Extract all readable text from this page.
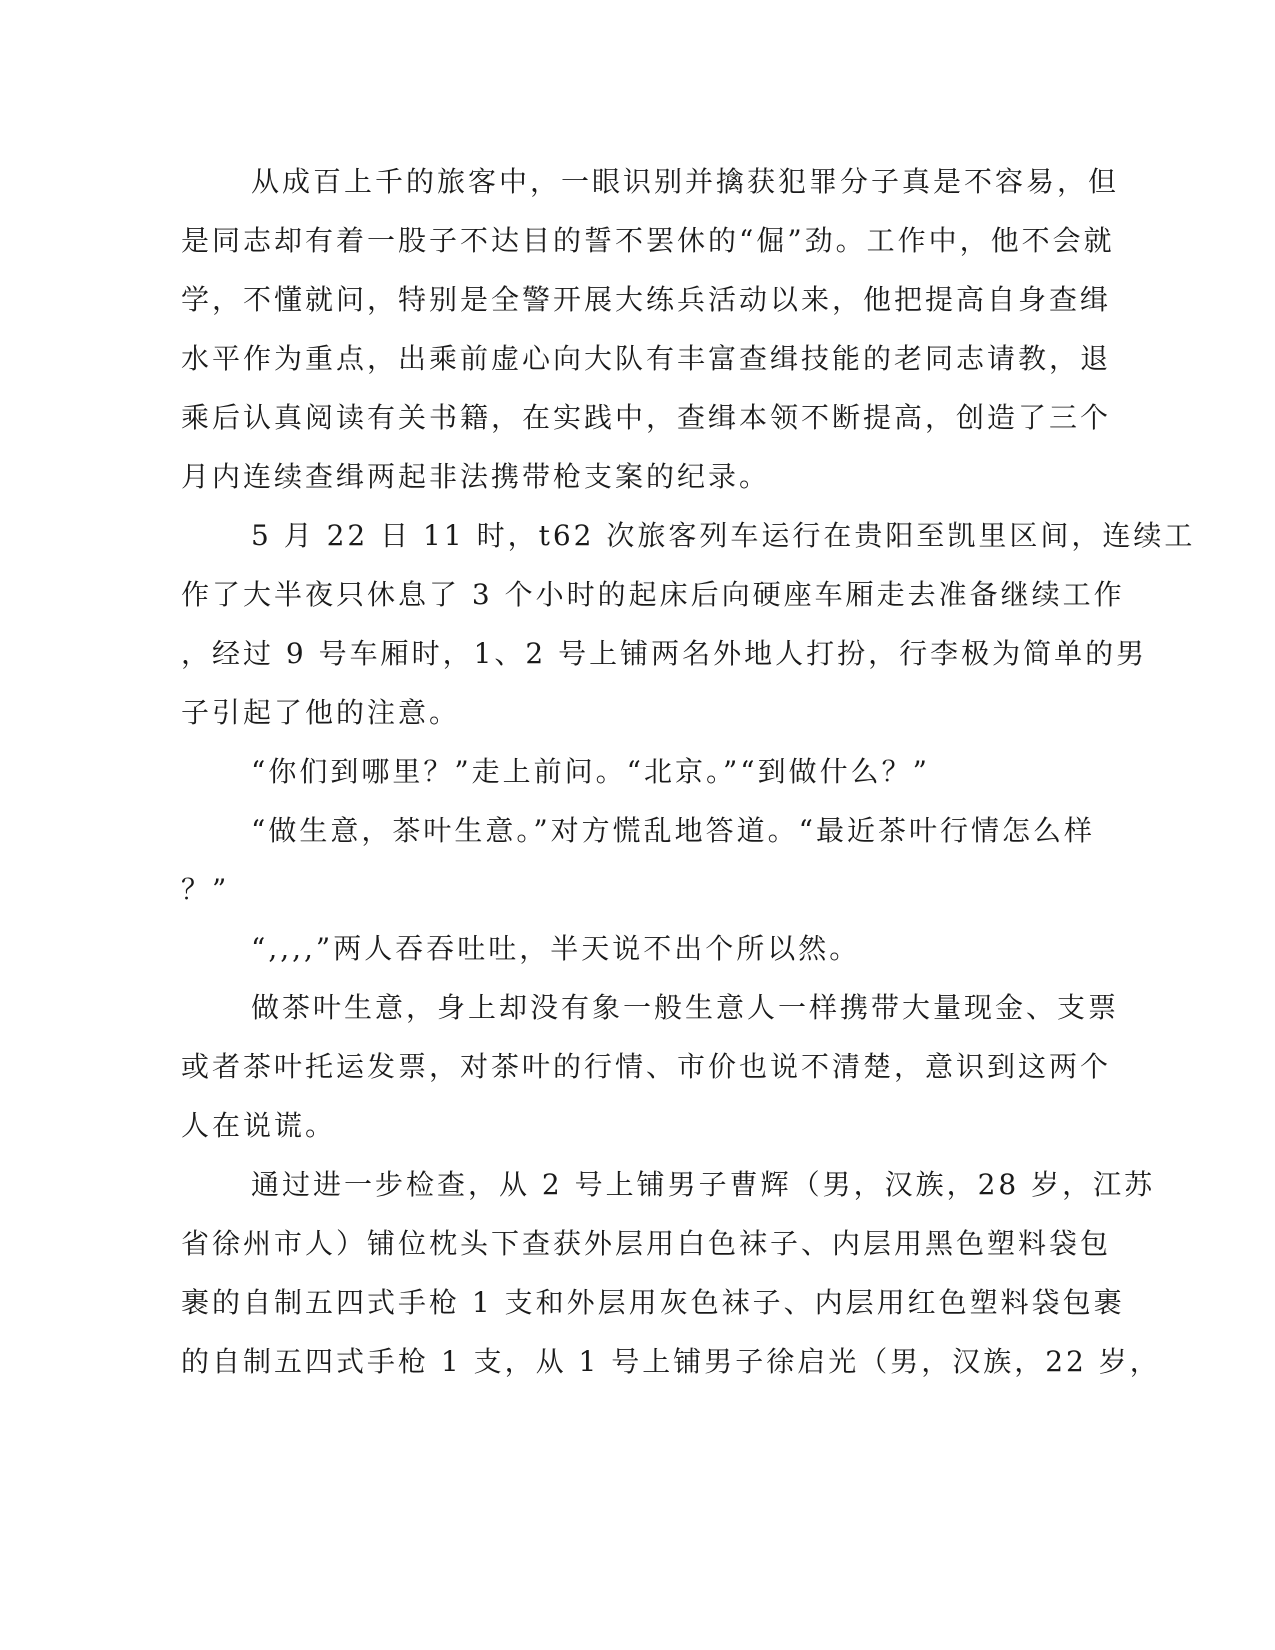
从成百上千的旅客中，一眼识别并擒获犯罪分子真是不容易，但
是同志却有着一股子不达目的誓不罢休的“倔”劲。工作中，他不会就
学，不懂就问，特别是全警开展大练兵活动以来，他把提高自身查缉
水平作为重点，出乘前虚心向大队有丰富查缉技能的老同志请教，退
乘后认真阅读有关书籍，在实践中，查缉本领不断提高，创造了三个
月内连续查缉两起非法携带枪支案的纪录。
5 月 22 日 11 时，t62 次旅客列车运行在贵阳至凯里区间，连续工
作了大半夜只休息了 3 个小时的起床后向硬座车厢走去准备继续工作
，经过 9 号车厢时，1、2 号上铺两名外地人打扮，行李极为简单的男
子引起了他的注意。
“你们到哪里？”走上前问。“北京。”“到做什么？”
“做生意，茶叶生意。”对方慌乱地答道。“最近茶叶行情怎么样
？”
“,,,,”两人吞吞吐吐，半天说不出个所以然。
做茶叶生意，身上却没有象一般生意人一样携带大量现金、支票
或者茶叶托运发票，对茶叶的行情、市价也说不清楚，意识到这两个
人在说谎。
通过进一步检查，从 2 号上铺男子曹辉（男，汉族，28 岁，江苏
省徐州市人）铺位枕头下查获外层用白色袜子、内层用黑色塑料袋包
裹的自制五四式手枪 1 支和外层用灰色袜子、内层用红色塑料袋包裹
的自制五四式手枪 1 支，从 1 号上铺男子徐启光（男，汉族，22 岁，
